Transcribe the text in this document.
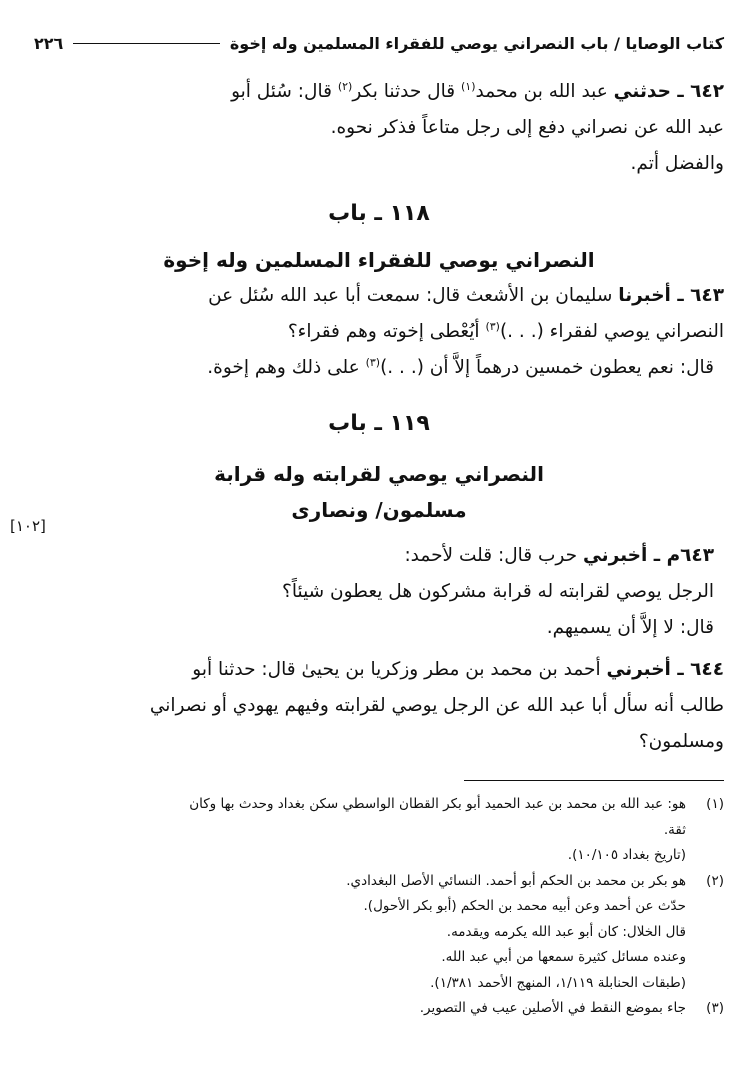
كتاب الوصايا / باب النصراني يوصي للفقراء المسلمين وله إخوة
٢٢٦

٦٤٢ ـ حدثني عبد الله بن محمد$^{(١)}$ قال حدثنا بكر$^{(٢)}$ قال: سُئل أبو

عبد الله عن نصراني دفع إلى رجل متاعاً فذكر نحوه.

والفضل أتم.

١١٨ ـ باب
النصراني يوصي للفقراء المسلمين وله إخوة

٦٤٣ ـ أخبرنا سليمان بن الأشعث قال: سمعت أبا عبد الله سُئل عن

النصراني يوصي لفقراء (. . .)$^{(٣)}$ أيُعْطى إخوته وهم فقراء؟

قال: نعم يعطون خمسين درهماً إلاَّ أن (. . .)$^{(٣)}$ على ذلك وهم إخوة.

١١٩ ـ باب
النصراني يوصي لقرابته وله قرابة
مسلمون/ ونصارى
[١٠٢]

٦٤٣م ـ أخبرني حرب قال: قلت لأحمد:

الرجل يوصي لقرابته له قرابة مشركون هل يعطون شيئاً؟

قال: لا إلاَّ أن يسميهم.

٦٤٤ ـ أخبرني أحمد بن محمد بن مطر وزكريا بن يحيىٰ قال: حدثنا أبو

طالب أنه سأل أبا عبد الله عن الرجل يوصي لقرابته وفيهم يهودي أو نصراني

ومسلمون؟

(١)
هو: عبد الله بن محمد بن عبد الحميد أبو بكر القطان الواسطي سكن بغداد وحدث بها وكان
ثقة.
(تاريخ بغداد ١٠/١٠٥).
(٢)
هو بكر بن محمد بن الحكم أبو أحمد. النسائي الأصل البغدادي.
حدّث عن أحمد وعن أبيه محمد بن الحكم (أبو بكر الأحول).
قال الخلال: كان أبو عبد الله يكرمه ويقدمه.
وعنده مسائل كثيرة سمعها من أبي عبد الله.
(طبقات الحنابلة ١/١١٩، المنهج الأحمد ١/٣٨١).
(٣)
جاء بموضع النقط في الأصلين عيب في التصوير.
